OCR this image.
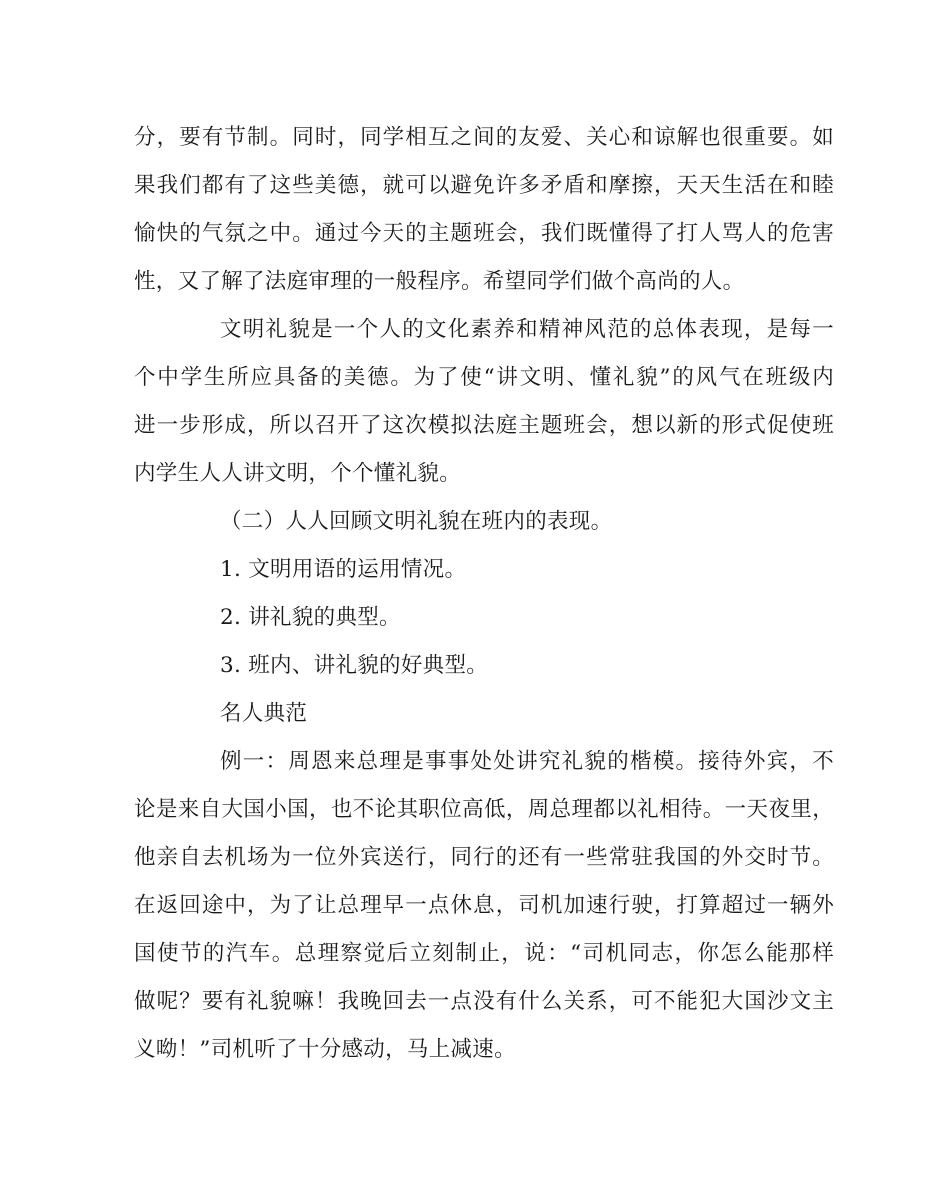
分，要有节制。同时，同学相互之间的友爱、关心和谅解也很重要。如
果我们都有了这些美德，就可以避免许多矛盾和摩擦，天天生活在和睦
愉快的气氛之中。通过今天的主题班会，我们既懂得了打人骂人的危害
性，又了解了法庭审理的一般程序。希望同学们做个高尚的人。
文明礼貌是一个人的文化素养和精神风范的总体表现，是每一
个中学生所应具备的美德。为了使“讲文明、懂礼貌”的风气在班级内
进一步形成，所以召开了这次模拟法庭主题班会，想以新的形式促使班
内学生人人讲文明，个个懂礼貌。

（二）人人回顾文明礼貌在班内的表现。

1. 文明用语的运用情况。

2. 讲礼貌的典型。

3. 班内、讲礼貌的好典型。

名人典范

例一：周恩来总理是事事处处讲究礼貌的楷模。接待外宾，不
论是来自大国小国，也不论其职位高低，周总理都以礼相待。一天夜里，
他亲自去机场为一位外宾送行，同行的还有一些常驻我国的外交时节。
在返回途中，为了让总理早一点休息，司机加速行驶，打算超过一辆外
国使节的汽车。总理察觉后立刻制止，说：“司机同志，你怎么能那样
做呢？要有礼貌嘛！我晚回去一点没有什么关系，可不能犯大国沙文主
义呦！”司机听了十分感动，马上减速。
